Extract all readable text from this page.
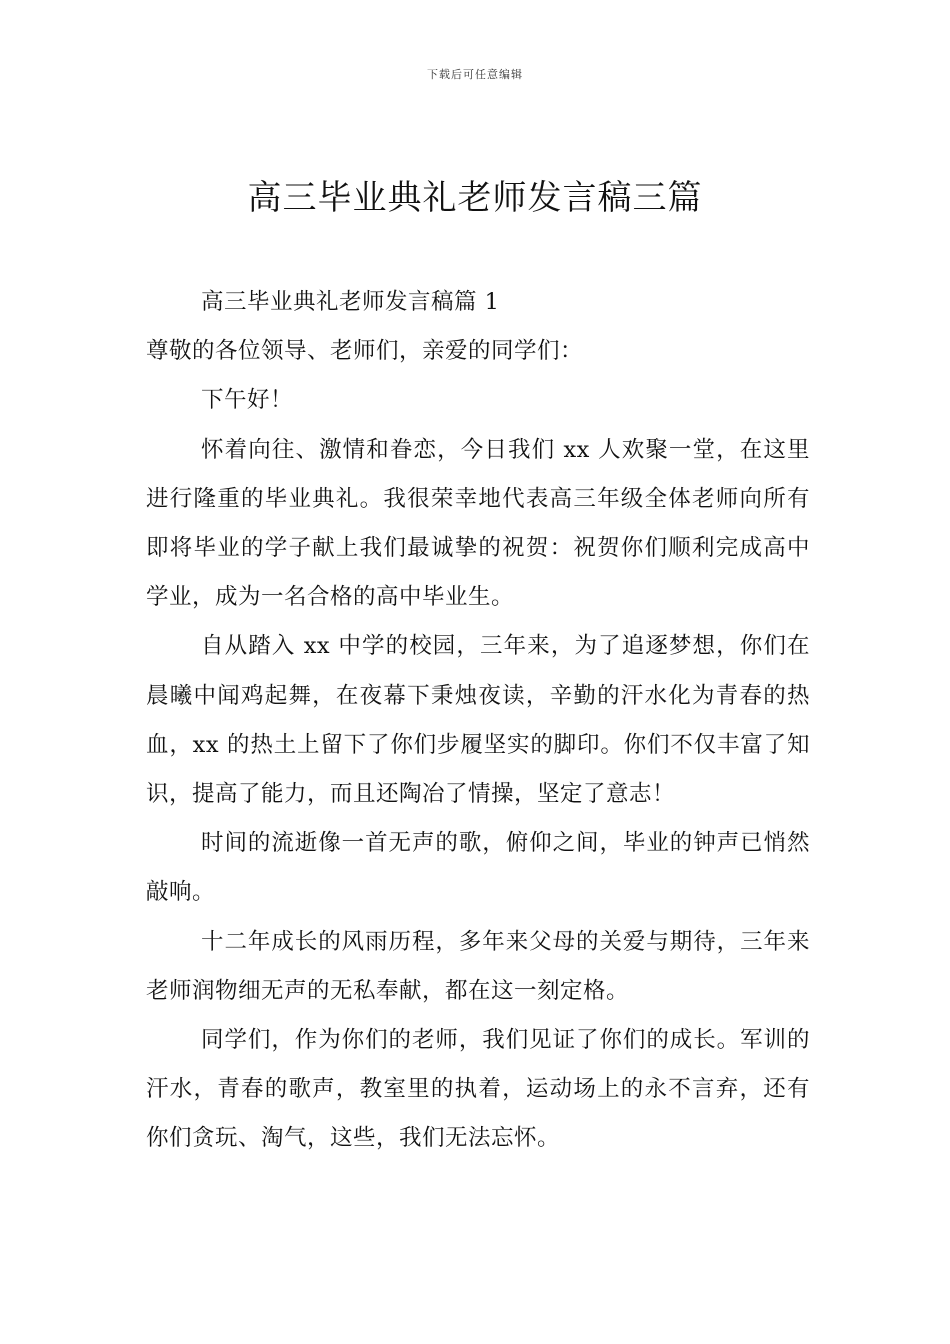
下载后可任意编辑
高三毕业典礼老师发言稿三篇

高三毕业典礼老师发言稿篇 1

尊敬的各位领导、老师们，亲爱的同学们：

下午好！

怀着向往、激情和眷恋，今日我们 xx 人欢聚一堂，在这里进行隆重的毕业典礼。我很荣幸地代表高三年级全体老师向所有即将毕业的学子献上我们最诚挚的祝贺：祝贺你们顺利完成高中学业，成为一名合格的高中毕业生。

自从踏入 xx 中学的校园，三年来，为了追逐梦想，你们在晨曦中闻鸡起舞，在夜幕下秉烛夜读，辛勤的汗水化为青春的热血，xx 的热土上留下了你们步履坚实的脚印。你们不仅丰富了知识，提高了能力，而且还陶冶了情操，坚定了意志！

时间的流逝像一首无声的歌，俯仰之间，毕业的钟声已悄然敲响。

十二年成长的风雨历程，多年来父母的关爱与期待，三年来老师润物细无声的无私奉献，都在这一刻定格。

同学们，作为你们的老师，我们见证了你们的成长。军训的汗水，青春的歌声，教室里的执着，运动场上的永不言弃，还有你们贪玩、淘气，这些，我们无法忘怀。
